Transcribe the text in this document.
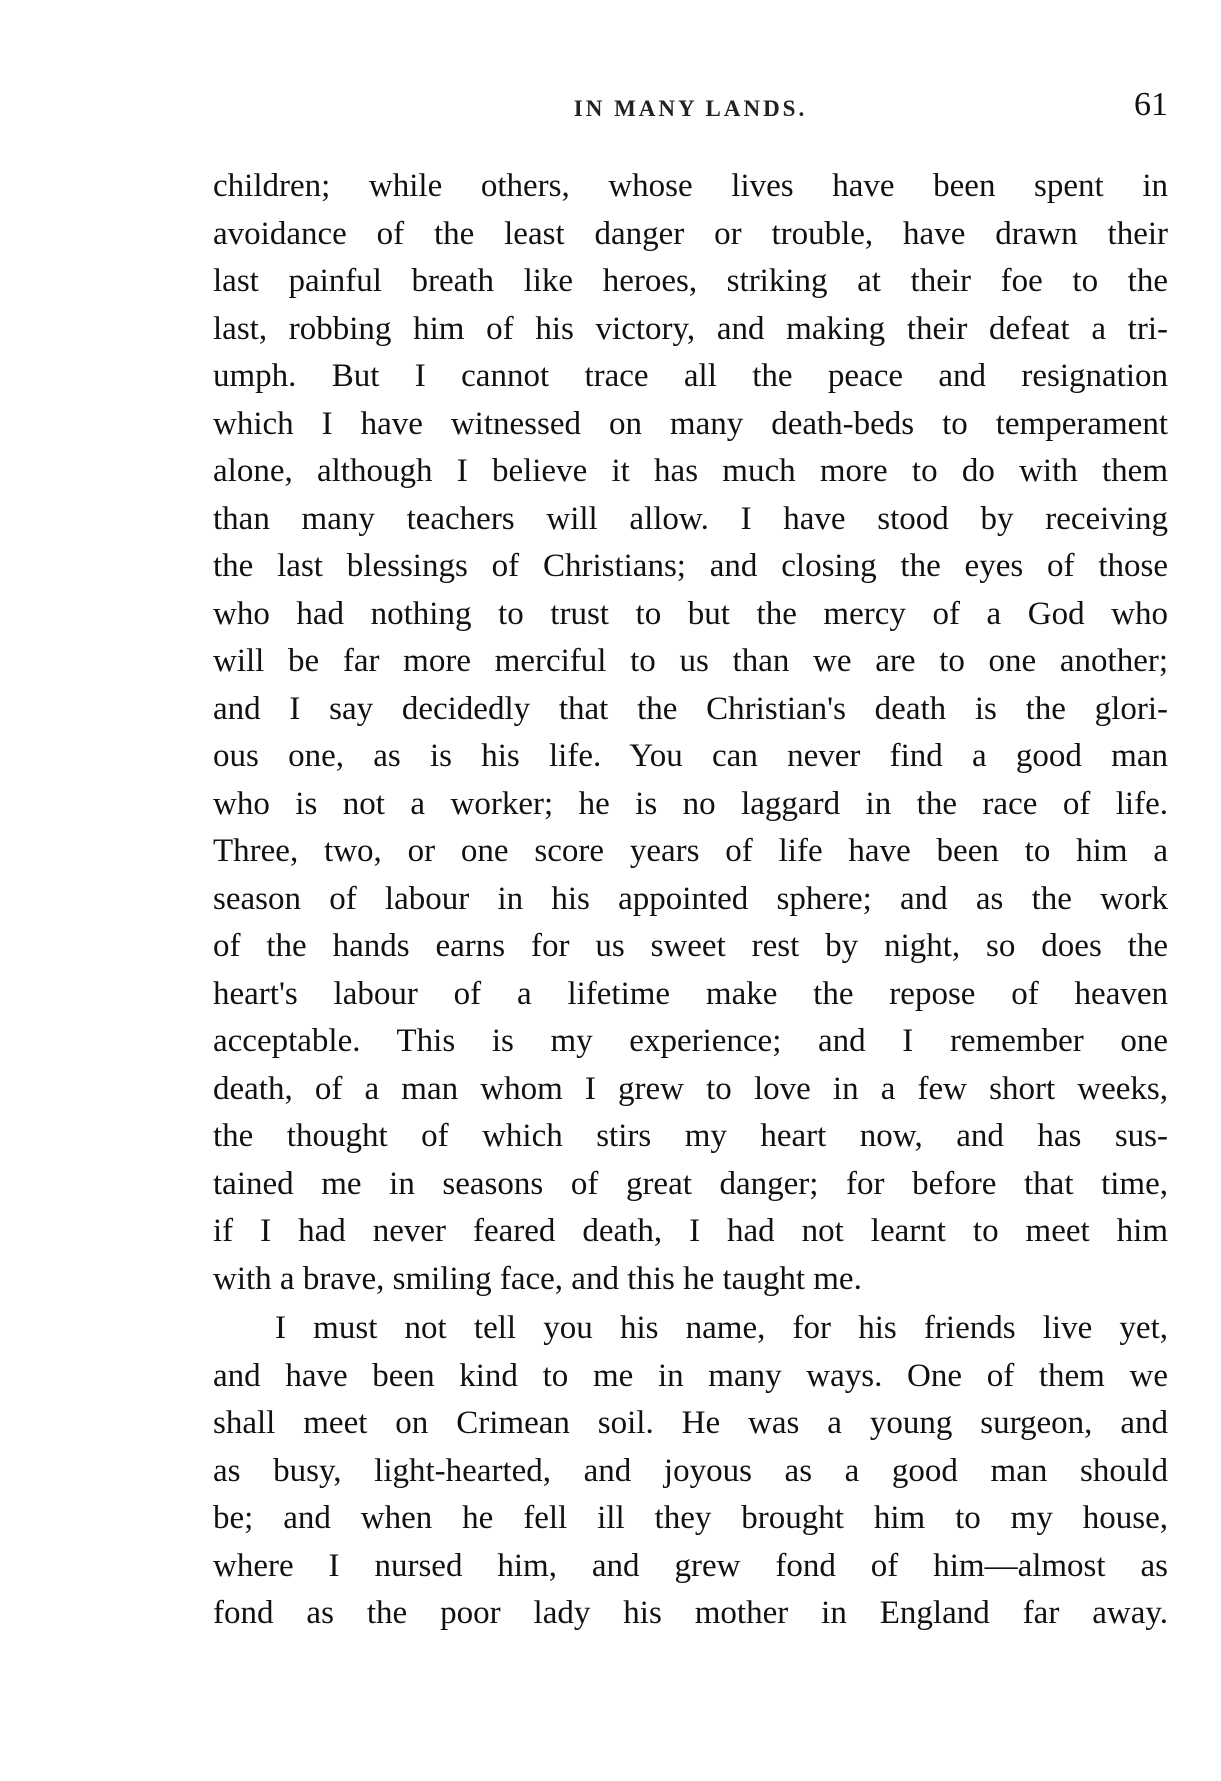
IN MANY LANDS.	61
children; while others, whose lives have been spent in
avoidance of the least danger or trouble, have drawn their
last painful breath like heroes, striking at their foe to the
last, robbing him of his victory, and making their defeat a tri-
umph. But I cannot trace all the peace and resignation
which I have witnessed on many death-beds to temperament
alone, although I believe it has much more to do with them
than many teachers will allow. I have stood by receiving
the last blessings of Christians; and closing the eyes of those
who had nothing to trust to but the mercy of a God who
will be far more merciful to us than we are to one another;
and I say decidedly that the Christian's death is the glori-
ous one, as is his life. You can never find a good man
who is not a worker; he is no laggard in the race of life.
Three, two, or one score years of life have been to him a
season of labour in his appointed sphere; and as the work
of the hands earns for us sweet rest by night, so does the
heart's labour of a lifetime make the repose of heaven
acceptable. This is my experience; and I remember one
death, of a man whom I grew to love in a few short weeks,
the thought of which stirs my heart now, and has sus-
tained me in seasons of great danger; for before that time,
if I had never feared death, I had not learnt to meet him
with a brave, smiling face, and this he taught me.
I must not tell you his name, for his friends live yet,
and have been kind to me in many ways. One of them we
shall meet on Crimean soil. He was a young surgeon, and
as busy, light-hearted, and joyous as a good man should
be; and when he fell ill they brought him to my house,
where I nursed him, and grew fond of him—almost as
fond as the poor lady his mother in England far away.
